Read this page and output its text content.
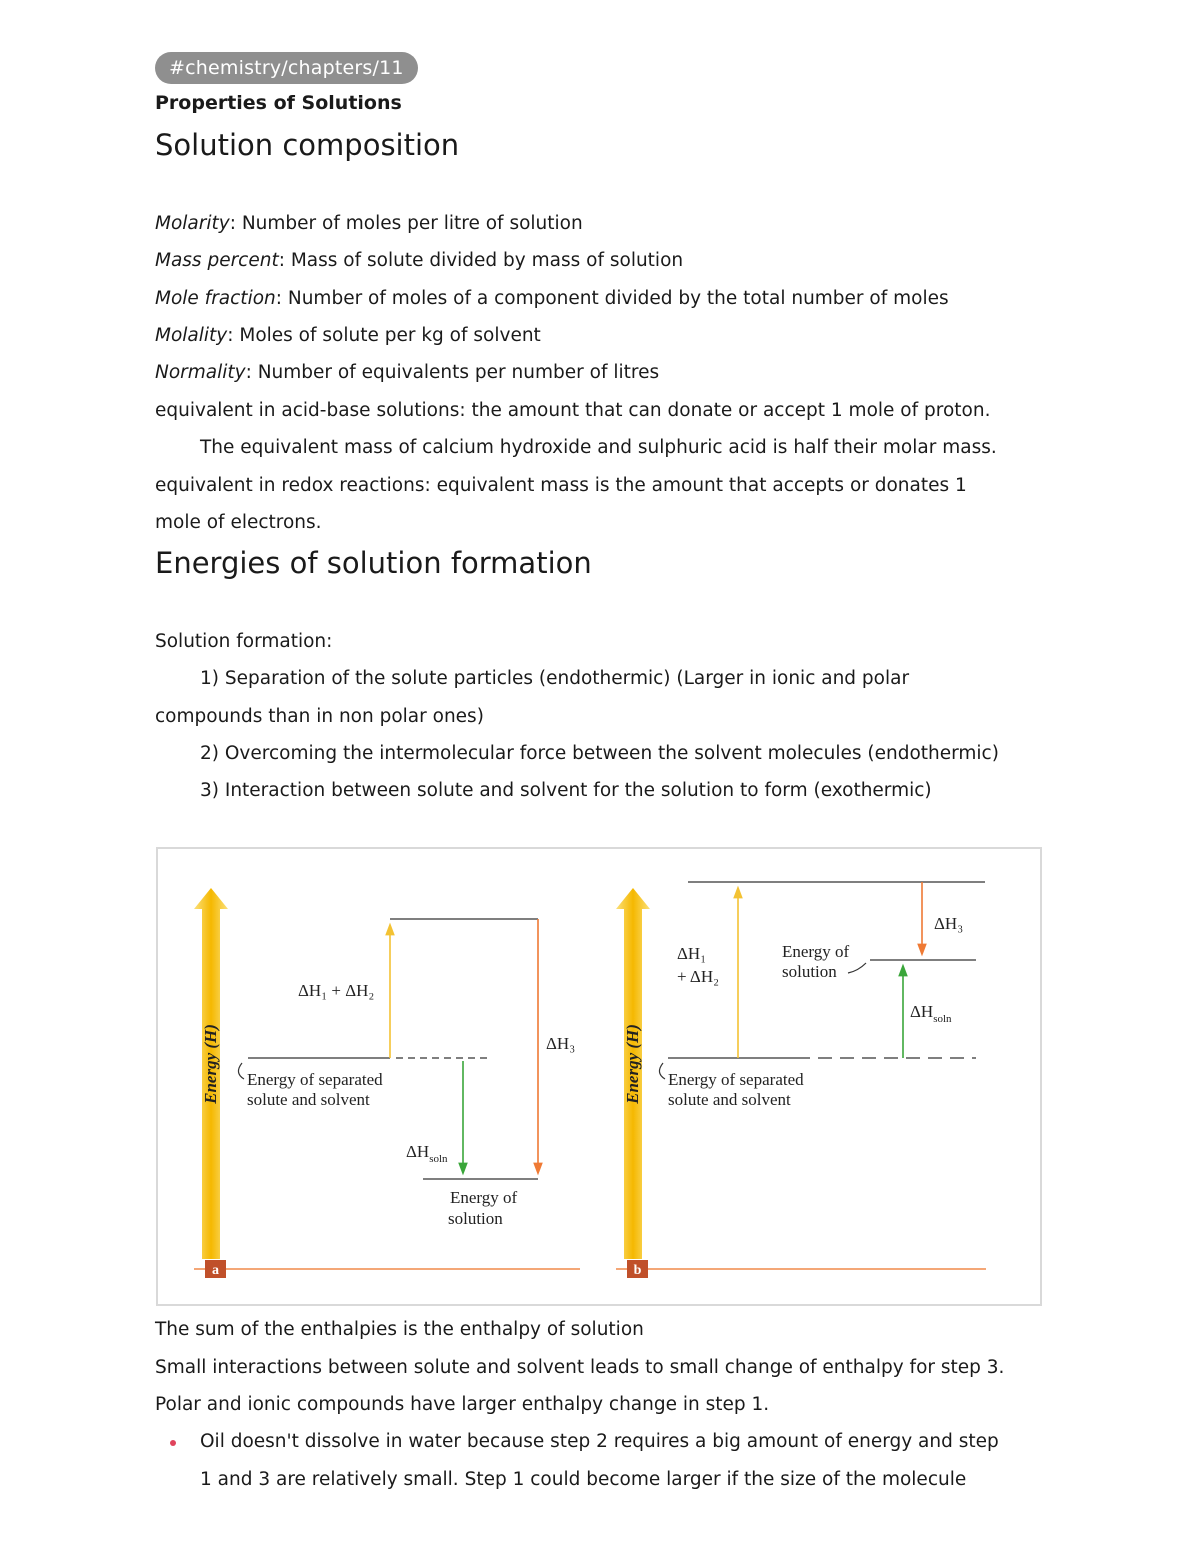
#chemistry/chapters/11
Properties of Solutions
Solution composition
Molarity: Number of moles per litre of solution
Mass percent: Mass of solute divided by mass of solution
Mole fraction: Number of moles of a component divided by the total number of moles
Molality: Moles of solute per kg of solvent
Normality: Number of equivalents per number of litres
equivalent in acid-base solutions: the amount that can donate or accept 1 mole of proton.
The equivalent mass of calcium hydroxide and sulphuric acid is half their molar mass.
equivalent in redox reactions: equivalent mass is the amount that accepts or donates 1
mole of electrons.
Energies of solution formation
Solution formation:
1) Separation of the solute particles (endothermic) (Larger in ionic and polar
compounds than in non polar ones)
2) Overcoming the intermolecular force between the solvent molecules (endothermic)
3) Interaction between solute and solvent for the solution to form (exothermic)
Energy (H)
ΔH₁ + ΔH₂
ΔH₃
$\Delta H_{soln}$
Energy of separated
solute and solvent
Energy of
solution
a
Energy (H)
ΔH₁
+ ΔH₂
ΔH₃
$\Delta H_{soln}$
Energy of
solution
Energy of separated
solute and solvent
b
The sum of the enthalpies is the enthalpy of solution
Small interactions between solute and solvent leads to small change of enthalpy for step 3.
Polar and ionic compounds have larger enthalpy change in step 1.
Oil doesn't dissolve in water because step 2 requires a big amount of energy and step
1 and 3 are relatively small. Step 1 could become larger if the size of the molecule
